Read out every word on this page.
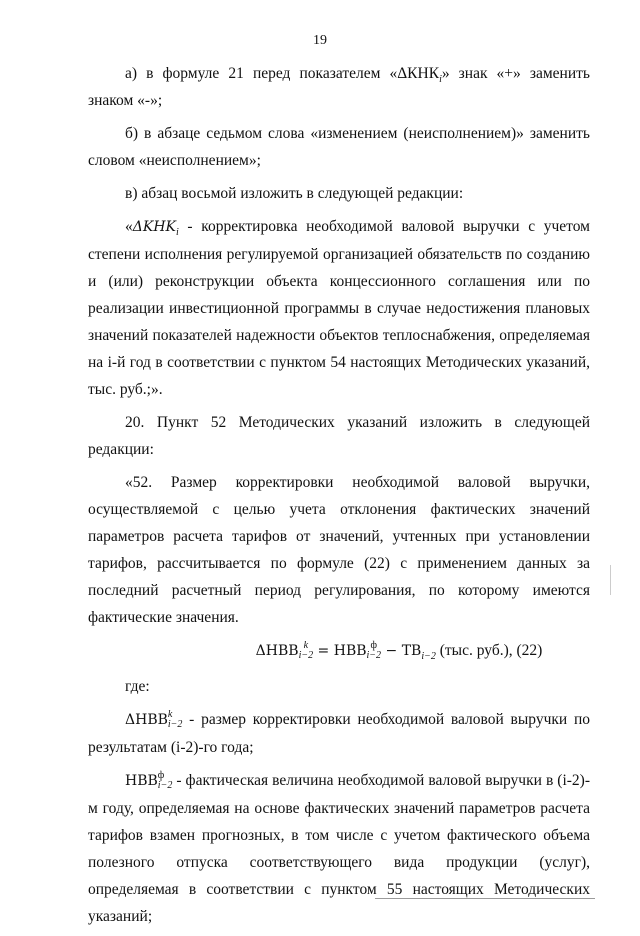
19

а) в формуле 21 перед показателем «$\Delta КНК_i$» знак «+» заменить знаком «-»;

б) в абзаце седьмом слова «изменением (неисполнением)» заменить словом «неисполнением»;

в) абзац восьмой изложить в следующей редакции:

«$\Delta KHK_i$ - корректировка необходимой валовой выручки с учетом степени исполнения регулируемой организацией обязательств по созданию и (или) реконструкции объекта концессионного соглашения или по реализации инвестиционной программы в случае недостижения плановых значений показателей надежности объектов теплоснабжения, определяемая на i-й год в соответствии с пунктом 54 настоящих Методических указаний, тыс. руб.;».

20. Пункт 52 Методических указаний изложить в следующей редакции:

«52. Размер корректировки необходимой валовой выручки, осуществляемой с целью учета отклонения фактических значений параметров расчета тарифов от значений, учтенных при установлении тарифов, рассчитывается по формуле (22) с применением данных за последний расчетный период регулирования, по которому имеются фактические значения.

ΔHBB k
i−2 = HBB ф
$i-2 - TB_{i-2}$ (тыс. руб.), (22)

где:

ΔHBB k
i−2 - размер корректировки необходимой валовой выручки по результатам (i-2)-го года;

HBB ф
i−2 - фактическая величина необходимой валовой выручки в (i-2)-м году, определяемая на основе фактических значений параметров расчета тарифов взамен прогнозных, в том числе с учетом фактического объема полезного отпуска соответствующего вида продукции (услуг), определяемая в соответствии с пунктом 55 настоящих Методических указаний;
